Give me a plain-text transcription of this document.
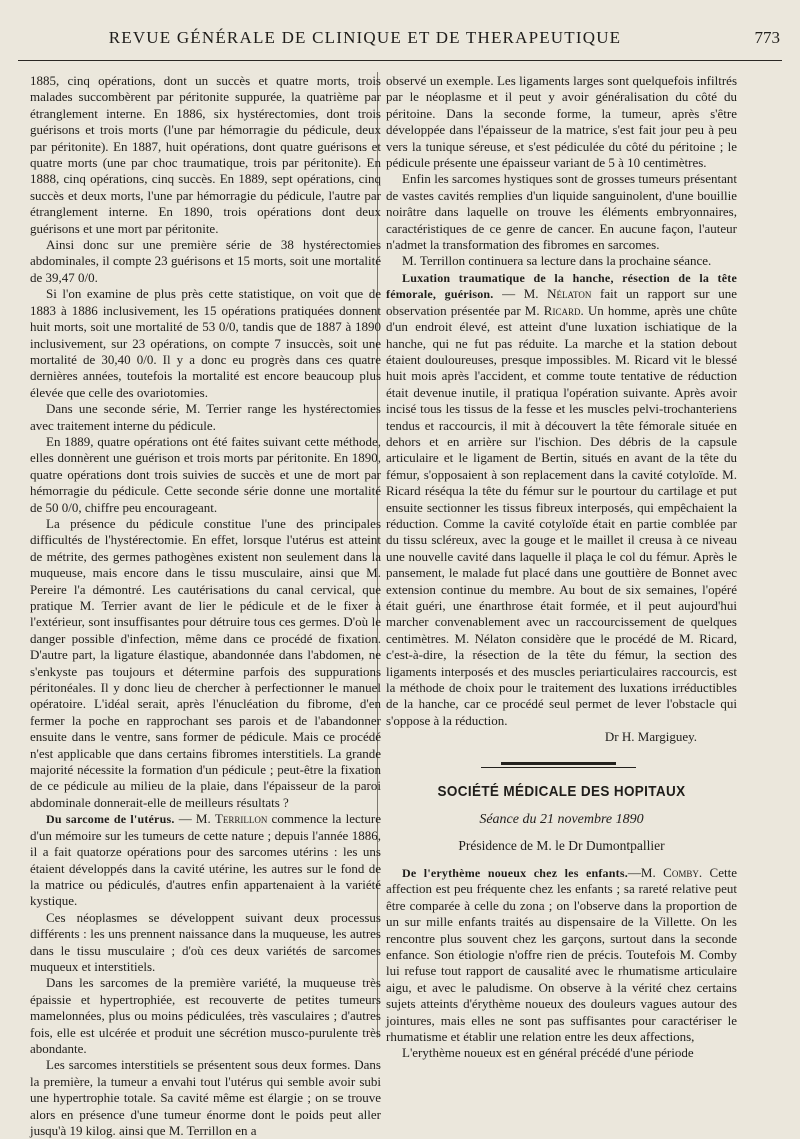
REVUE GÉNÉRALE DE CLINIQUE ET DE THERAPEUTIQUE	773

1885, cinq opérations, dont un succès et quatre morts, trois malades succombèrent par péritonite suppurée, la quatrième par étranglement interne. En 1886, six hystérectomies, dont trois guérisons et trois morts (l'une par hémorragie du pédicule, deux par péritonite). En 1887, huit opérations, dont quatre guérisons et quatre morts (une par choc traumatique, trois par péritonite). En 1888, cinq opérations, cinq succès. En 1889, sept opérations, cinq succès et deux morts, l'une par hémorragie du pédicule, l'autre par étranglement interne. En 1890, trois opérations dont deux guérisons et une mort par péritonite.

Ainsi donc sur une première série de 38 hystérectomies abdominales, il compte 23 guérisons et 15 morts, soit une mortalité de 39,47 0/0.

Si l'on examine de plus près cette statistique, on voit que de 1883 à 1886 inclusivement, les 15 opérations pratiquées donnent huit morts, soit une mortalité de 53 0/0, tandis que de 1887 à 1890 inclusivement, sur 23 opérations, on compte 7 insuccès, soit une mortalité de 30,40 0/0. Il y a donc eu progrès dans ces quatre dernières années, toutefois la mortalité est encore beaucoup plus élevée que celle des ovariotomies.

Dans une seconde série, M. Terrier range les hystérectomies avec traitement interne du pédicule.

En 1889, quatre opérations ont été faites suivant cette méthode, elles donnèrent une guérison et trois morts par péritonite. En 1890, quatre opérations dont trois suivies de succès et une de mort par hémorragie du pédicule. Cette seconde série donne une mortalité de 50 0/0, chiffre peu encourageant.

La présence du pédicule constitue l'une des principales difficultés de l'hystérectomie. En effet, lorsque l'utérus est atteint de métrite, des germes pathogènes existent non seulement dans la muqueuse, mais encore dans le tissu musculaire, ainsi que M. Pereire l'a démontré. Les cautérisations du canal cervical, que pratique M. Terrier avant de lier le pédicule et de le fixer à l'extérieur, sont insuffisantes pour détruire tous ces germes. D'où le danger possible d'infection, même dans ce procédé de fixation. D'autre part, la ligature élastique, abandonnée dans l'abdomen, ne s'enkyste pas toujours et détermine parfois des suppurations péritonéales. Il y donc lieu de chercher à perfectionner le manuel opératoire. L'idéal serait, après l'énucléation du fibrome, d'en fermer la poche en rapprochant ses parois et de l'abandonner ensuite dans le ventre, sans former de pédicule. Mais ce procédé n'est applicable que dans certains fibromes interstitiels. La grande majorité nécessite la formation d'un pédicule ; peut-être la fixation de ce pédicule au milieu de la plaie, dans l'épaisseur de la paroi abdominale donnerait-elle de meilleurs résultats ?

Du sarcome de l'utérus. — M. Terrillon commence la lecture d'un mémoire sur les tumeurs de cette nature ; depuis l'année 1886, il a fait quatorze opérations pour des sarcomes utérins : les uns étaient développés dans la cavité utérine, les autres sur le fond de la matrice ou pédiculés, d'autres enfin appartenaient à la variété kystique.

Ces néoplasmes se développent suivant deux processus différents : les uns prennent naissance dans la muqueuse, les autres dans le tissu musculaire ; d'où ces deux variétés de sarcomes muqueux et interstitiels.

Dans les sarcomes de la première variété, la muqueuse très épaissie et hypertrophiée, est recouverte de petites tumeurs mamelonnées, plus ou moins pédiculées, très vasculaires ; d'autres fois, elle est ulcérée et produit une sécrétion musco-purulente très abondante.

Les sarcomes interstitiels se présentent sous deux formes. Dans la première, la tumeur a envahi tout l'utérus qui semble avoir subi une hypertrophie totale. Sa cavité même est élargie ; on se trouve alors en présence d'une tumeur énorme dont le poids peut aller jusqu'à 19 kilog. ainsi que M. Terrillon en a

observé un exemple. Les ligaments larges sont quelquefois infiltrés par le néoplasme et il peut y avoir généralisation du côté du péritoine. Dans la seconde forme, la tumeur, après s'être développée dans l'épaisseur de la matrice, s'est fait jour peu à peu vers la tunique séreuse, et s'est pédiculée du côté du péritoine ; le pédicule présente une épaisseur variant de 5 à 10 centimètres.

Enfin les sarcomes hystiques sont de grosses tumeurs présentant de vastes cavités remplies d'un liquide sanguinolent, d'une bouillie noirâtre dans laquelle on trouve les éléments embryonnaires, caractéristiques de ce genre de cancer. En aucune façon, l'auteur n'admet la transformation des fibromes en sarcomes.

M. Terrillon continuera sa lecture dans la prochaine séance.

Luxation traumatique de la hanche, résection de la tête fémorale, guérison. — M. Nélaton fait un rapport sur une observation présentée par M. Ricard. Un homme, après une chûte d'un endroit élevé, est atteint d'une luxation ischiatique de la hanche, qui ne fut pas réduite. La marche et la station debout étaient douloureuses, presque impossibles. M. Ricard vit le blessé huit mois après l'accident, et comme toute tentative de réduction était devenue inutile, il pratiqua l'opération suivante. Après avoir incisé tous les tissus de la fesse et les muscles pelvi-trochanteriens tendus et raccourcis, il mit à découvert la tête fémorale située en dehors et en arrière sur l'ischion. Des débris de la capsule articulaire et le ligament de Bertin, situés en avant de la tête du fémur, s'opposaient à son replacement dans la cavité cotyloïde. M. Ricard réséqua la tête du fémur sur le pourtour du cartilage et put ensuite sectionner les tissus fibreux interposés, qui empêchaient la réduction. Comme la cavité cotyloïde était en partie comblée par du tissu scléreux, avec la gouge et le maillet il creusa à ce niveau une nouvelle cavité dans laquelle il plaça le col du fémur. Après le pansement, le malade fut placé dans une gouttière de Bonnet avec extension continue du membre. Au bout de six semaines, l'opéré était guéri, une énarthrose était formée, et il peut aujourd'hui marcher convenablement avec un raccourcissement de quelques centimètres. M. Nélaton considère que le procédé de M. Ricard, c'est-à-dire, la résection de la tête du fémur, la section des ligaments interposés et des muscles periarticulaires raccourcis, est la méthode de choix pour le traitement des luxations irréductibles de la hanche, car ce procédé seul permet de lever l'obstacle qui s'oppose à la réduction.

Dr H. Margiguey.

SOCIÉTÉ MÉDICALE DES HOPITAUX
Séance du 21 novembre 1890
Présidence de M. le Dr Dumontpallier

De l'erythème noueux chez les enfants.—M. Comby. Cette affection est peu fréquente chez les enfants ; sa rareté relative peut être comparée à celle du zona ; on l'observe dans la proportion de un sur mille enfants traités au dispensaire de la Villette. On les rencontre plus souvent chez les garçons, surtout dans la seconde enfance. Son étiologie n'offre rien de précis. Toutefois M. Comby lui refuse tout rapport de causalité avec le rhumatisme articulaire aigu, et avec le paludisme. On observe à la vérité chez certains sujets atteints d'érythème noueux des douleurs vagues autour des jointures, mais elles ne sont pas suffisantes pour caractériser le rhumatisme et établir une relation entre les deux affections,

L'erythème noueux est en général précédé d'une période
